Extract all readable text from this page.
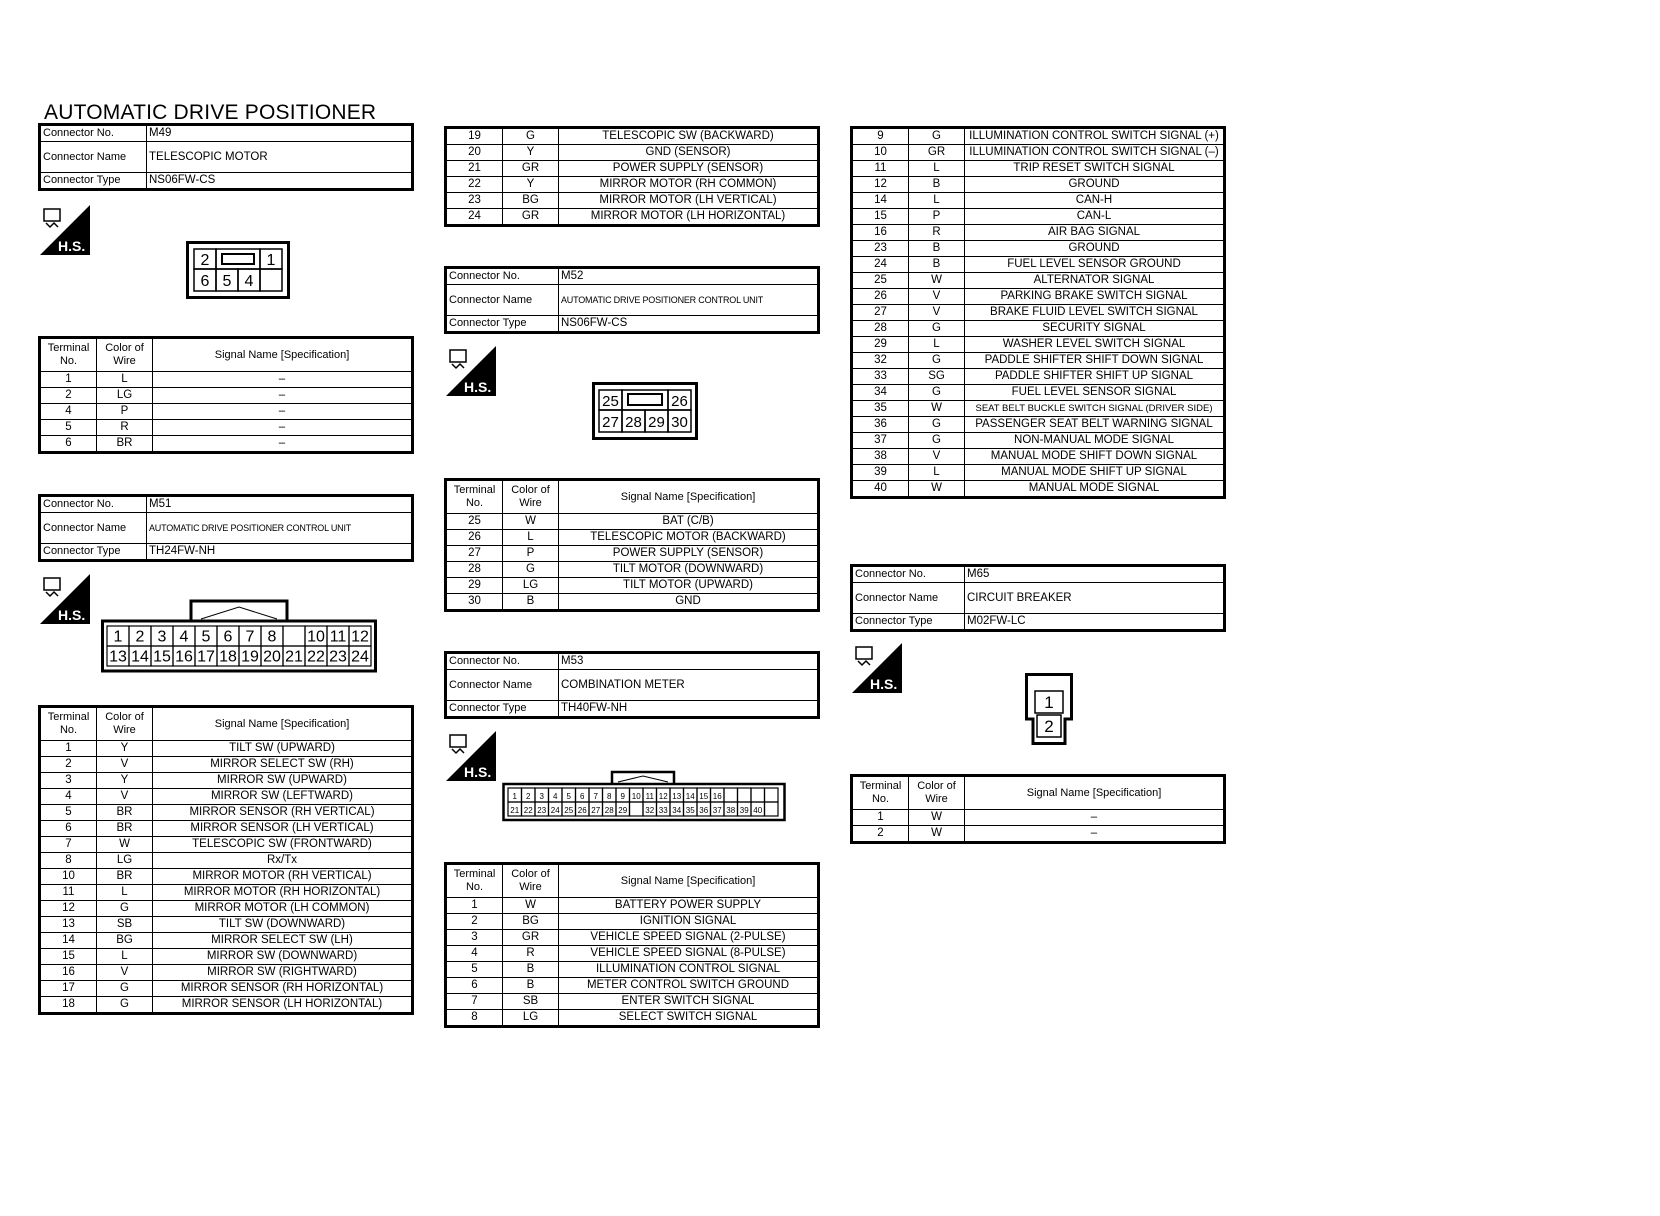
AUTOMATIC DRIVE POSITIONER
Connector No.	M49
Connector Name	TELESCOPIC MOTOR
Connector Type	NS06FW-CS
H.S.
2	1
6 5 4
Terminal No.	Color of Wire	Signal Name [Specification]
1	L	–
2	LG	–
4	P	–
5	R	–
6	BR	–
Connector No.	M51
Connector Name	AUTOMATIC DRIVE POSITIONER CONTROL UNIT
Connector Type	TH24FW-NH
H.S.
1 2 3 4 5 6 7 8 10 11 12
13 14 15 16 17 18 19 20 21 22 23 24
Terminal No.	Color of Wire	Signal Name [Specification]
1	Y	TILT SW (UPWARD)
2	V	MIRROR SELECT SW (RH)
3	Y	MIRROR SW (UPWARD)
4	V	MIRROR SW (LEFTWARD)
5	BR	MIRROR SENSOR (RH VERTICAL)
6	BR	MIRROR SENSOR (LH VERTICAL)
7	W	TELESCOPIC SW (FRONTWARD)
8	LG	Rx/Tx
10	BR	MIRROR MOTOR (RH VERTICAL)
11	L	MIRROR MOTOR (RH HORIZONTAL)
12	G	MIRROR MOTOR (LH COMMON)
13	SB	TILT SW (DOWNWARD)
14	BG	MIRROR SELECT SW (LH)
15	L	MIRROR SW (DOWNWARD)
16	V	MIRROR SW (RIGHTWARD)
17	G	MIRROR SENSOR (RH HORIZONTAL)
18	G	MIRROR SENSOR (LH HORIZONTAL)
19	G	TELESCOPIC SW (BACKWARD)
20	Y	GND (SENSOR)
21	GR	POWER SUPPLY (SENSOR)
22	Y	MIRROR MOTOR (RH COMMON)
23	BG	MIRROR MOTOR (LH VERTICAL)
24	GR	MIRROR MOTOR (LH HORIZONTAL)
Connector No.	M52
Connector Name	AUTOMATIC DRIVE POSITIONER CONTROL UNIT
Connector Type	NS06FW-CS
H.S.
25	26
27 28 29 30
Terminal No.	Color of Wire	Signal Name [Specification]
25	W	BAT (C/B)
26	L	TELESCOPIC MOTOR (BACKWARD)
27	P	POWER SUPPLY (SENSOR)
28	G	TILT MOTOR (DOWNWARD)
29	LG	TILT MOTOR (UPWARD)
30	B	GND
Connector No.	M53
Connector Name	COMBINATION METER
Connector Type	TH40FW-NH
H.S.
1 2 3 4 5 6 7 8 9 10 11 12 13 14 15 16
21 22 23 24 25 26 27 28 29 32 33 34 35 36 37 38 39 40
Terminal No.	Color of Wire	Signal Name [Specification]
1	W	BATTERY POWER SUPPLY
2	BG	IGNITION SIGNAL
3	GR	VEHICLE SPEED SIGNAL (2-PULSE)
4	R	VEHICLE SPEED SIGNAL (8-PULSE)
5	B	ILLUMINATION CONTROL SIGNAL
6	B	METER CONTROL SWITCH GROUND
7	SB	ENTER SWITCH SIGNAL
8	LG	SELECT SWITCH SIGNAL
9	G	ILLUMINATION CONTROL SWITCH SIGNAL (+)
10	GR	ILLUMINATION CONTROL SWITCH SIGNAL (–)
11	L	TRIP RESET SWITCH SIGNAL
12	B	GROUND
14	L	CAN-H
15	P	CAN-L
16	R	AIR BAG SIGNAL
23	B	GROUND
24	B	FUEL LEVEL SENSOR GROUND
25	W	ALTERNATOR SIGNAL
26	V	PARKING BRAKE SWITCH SIGNAL
27	V	BRAKE FLUID LEVEL SWITCH SIGNAL
28	G	SECURITY SIGNAL
29	L	WASHER LEVEL SWITCH SIGNAL
32	G	PADDLE SHIFTER SHIFT DOWN SIGNAL
33	SG	PADDLE SHIFTER SHIFT UP SIGNAL
34	G	FUEL LEVEL SENSOR SIGNAL
35	W	SEAT BELT BUCKLE SWITCH SIGNAL (DRIVER SIDE)
36	G	PASSENGER SEAT BELT WARNING SIGNAL
37	G	NON-MANUAL MODE SIGNAL
38	V	MANUAL MODE SHIFT DOWN SIGNAL
39	L	MANUAL MODE SHIFT UP SIGNAL
40	W	MANUAL MODE SIGNAL
Connector No.	M65
Connector Name	CIRCUIT BREAKER
Connector Type	M02FW-LC
H.S.
1
2
Terminal No.	Color of Wire	Signal Name [Specification]
1	W	–
2	W	–
